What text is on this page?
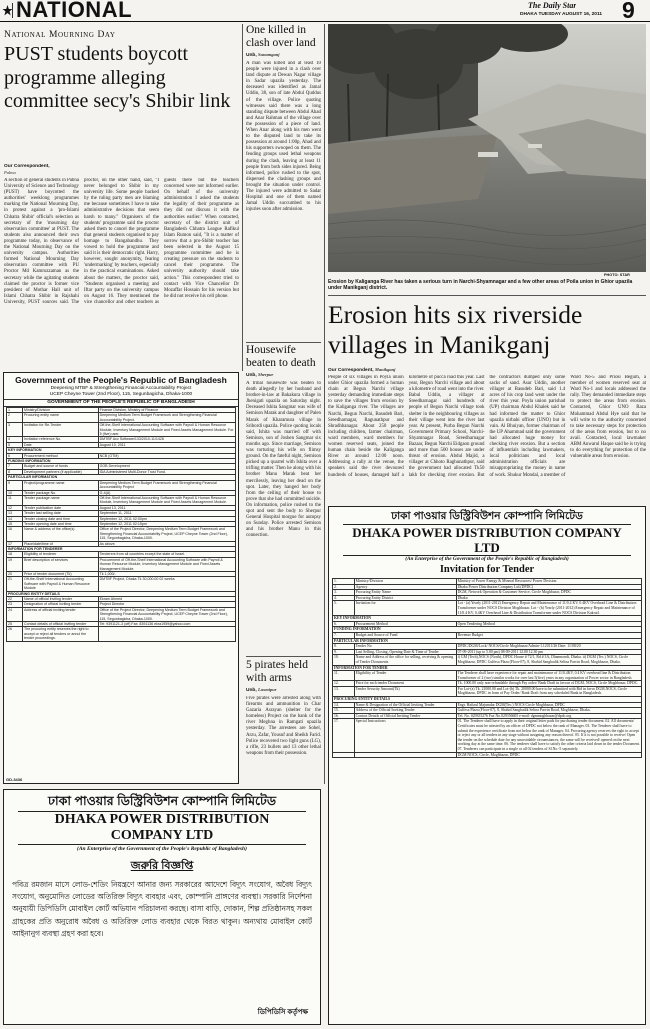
NATIONAL	The Daily Star
DHAKA TUESDAY AUGUST 16, 2011 9
National Mourning Day
PUST students boycott programme alleging committee secy's Shibir link
Our Correspondent,
Pabna
A section of general students in Pabna University of Science and Technology (PUST) have boycotted the authorities' weeklong programmes marking the National Mourning Day, in protest against a 'pro-Islami Chhatra Shibir' official's selection as secretary of the 'mourning day observation committee' at PUST. The students also announced their own programme today, in observance of the National Mourning Day on the university campus. Authorities formed National Mourning Day observation committee with PU Proctor Md Kamruzzaman as the secretary while the agitating students claimed the proctor is former vice president of Mothar Hall unit of Islami Chhatra Shibir in Rajshahi University, PUST sources said. The proctor, on the other hand, said, "I never belonged to Shibir in my university life. Some people backed by the ruling party men are blaming me because sometimes I have to take administrative decisions that seem harsh to many." Organisers of the students' programme said the proctor asked them to cancel the programme that general students organised to pay homage to Bangabandhu. They vowed to hold the programme and said it is their democratic right. Harry, however, sought anonymity, fearing 'undermarking' by teachers, especially in the practical examinations. Asked about the matters, the proctor said, "Students organised a meeting and Iftar party on the university campus on August 16. They mentioned the vice chancellor and other teachers as guests there but the teachers concerned were not informed earlier. On behalf of the university administration I asked the students the legality of their programme as they did not discuss it with the authorities earlier." When contacted, secretary of the district unit of Bangladesh Chhatra League Rafikul Islam Rumon said, "It is a matter of sorrow that a pro-Shibir teacher has been selected in the August 15 programme committee and he is creating pressure on the students to cancel their programme. The university authority should take action." This correspondent tried to contact with Vice Chancellor Dr Mozaffar Hossain for his version but he did not receive his cell phone.
One killed in clash over land
Unb, Sunamganj
A man was killed and at least 10 people were injured in a clash over land dispute at Dewan Nagar village in Sadar upazila yesterday. The deceased was identified as Jamal Uddin, 38, son of late Abdul Quddus of the village. Police quoting witnesses said there was a long standing dispute between Abdul Ahad and Anar Rahman of the village over the possession of a piece of land. When Anar along with his men went to the disputed land to take its possession at around 1:00p, Ahad and his supporters swooped on them. The feuding groups used lethal weapons during the clash, leaving at least 11 people from both sides injured. Being informed, police rushed to the spot, dispersed the clashing groups and brought the situation under control. The injured were admitted to Sadar Hospital and one of them named Jamal Uddin succumbed to his injuries soon after admission.
Housewife beaten to death
Unb, Sherpur
A tribal housewife was beaten to death allegedly by her husband and brother-in-law at Bakakura village in Jhenigati upazila on Saturday night. Deceased Ishita Sangmar was wife of Semison Marak and daughter of Palen Marak of Kharamura village in Sribordi upazila. Police quoting locals said, Ishita was married off with Semison, son of Joshen Sangmar six months ago. Since marriage, Semison was torturing his wife on flimsy ground. On the fateful night, Semison picked up a quarrel with Ishita over a trifling matter. Then he along with his brother Manu Marak beat her mercilessly, leaving her dead on the spot. Later, they hanged her body from the ceiling of their house to prove that she had committed suicide. On information, police rushed to the spot and sent the body to Sherpur General Hospital morgue for autopsy on Sunday. Police arrested Semison and his brother Manu in this connection.
5 pirates held with arms
Unb, Laxmipur
Five pirates were arrested along with firearms and ammunition in Char Gazaria Asrayan (shelter for the homeless) Project on the bank of the river Meghna in Ramgati upazila yesterday. The arrestees are Sohel, Arzu, Zafar, Yousuf and Sheikh Farid. Police recovered two light guns (LG), a rifle, 23 bullets and 13 other lethal weapons from their possession.
PHOTO: STAR
Erosion by Kaliganga River has taken a serious turn in Narchi-Shyamnagar and a few other areas of Poila union in Ghior upazila under Manikganj district.
Erosion hits six riverside villages in Manikganj
Our Correspondent, Manikganj
People of six villages in Poyla union under Ghior upazila formed a human chain at Begun Narchi village yesterday demanding immediate steps to save the villages from erosion by the Kaliganga river. The villages are Narchi, Begun Narchi, Basudeb Bari, Sreedharnagar, Ragunathpur and Shradhhanagar. About 250 people including children, farmer chairman, ward members, ward members for women reserved seats, joined the human chain beside the Kaliganga River at around 12:00 noon. Addressing a rally at the venue, the speakers said the river devoured hundreds of houses, damaged half a kilometre of pucca road this year. Last year, Begun Narchi village and about a kilometre of road went into the river. Babul Uddin, a villager at Sreedharnagar said hundreds of people of Begun Narchi village took shelter in the neighbouring villages as their village went into the river last year. At present, Purba Begun Narchi Government Primary School, Narchi-Shyamnagar Road, Sreedharnagar Bazaar, Begun Narchi Eidgaon ground and more than 500 houses are under threat of erosion. Abdul Majid, a villager at Chhoto Raghunathpur, said the government had allocated Tk50 lakh for checking river erosion. But the contractors dumped only some sacks of sand. Asar Uddin, another villager at Basudeb Bari, said 1.4 acres of his crop land went under the river this year. Poyla union parishad (UP) chairman Abdul Khalek said he had informed the matter to Ghior upazila nirbahi officer (UNO) but in vain. Al Bhuiyan, former chairman of the UP Ahammad said the government had allocated huge money for checking river erosion. But a section of influentials including lawmakers, local politicians and local administration officials are misappropriating the money in name of work. Shukur Mondal, a member of Ward No-5 and Priosi Begum, a member of women reserved seat at Ward No-1 and locals addressed the rally. They demanded immediate steps to protect the areas from erosion. Contacted, Ghior UNO Raza Mohammad Abdul Hye said that he will write to the authority concerned to take necessary steps for protection of the areas from erosion, but to no avail. Contacted, local lawmaker ABM Anwarul Haque said he is trying to do everything for protection of the vulnerable areas from erosion.
Government of the People's Republic of Bangladesh
Deepening MTBF & Strengthening Financial Accountability Project
UCEP Cheyne Tower (2nd Floor), 115, Segunbagicha, Dhaka-1000
GOVERNMENT OF THE PEOPLE'S REPUBLIC OF BANGLADESH
1	Ministry/Division	Finance Division, Ministry of Finance
2	Procuring entity name	Deepening Medium Term Budget Framework and Strengthening Financial Accountability Project.
3	Invitation for Re-Tender	Off-the-Shelf International Accounting Software with Payroll & Human Resource Module, Inventory Management Module and Fixed Assets Management Module. For 5 (five) user.
4	Invitation reference No.	DMTBF Acc Software/133/2010-11/1428
5	Date	August 10, 2011
KEY INFORMATION		
6	Procurement method	NCB (OTM)
FUNDING INFORMATION		
7	Budget and source of funds	GOB Development
8	Development partners (if applicable)	IDA Administered Multi-Donor Trust Fund.
PARTICULAR INFORMATION		
9	Project/programme name	Deepening Medium Term Budget Framework and Strengthening Financial Accountability Project
10	Tender package No.	G-4(A)
11	Tender package name	Off-the-Shelf International Accounting Software with Payroll & Human Resource Module, Inventory Management Module and Fixed Assets Management Module.
12	Tender publication date	August 13, 2011
13	Tender last selling date	September 11, 2011
14	Tender closing date and time	September 12, 2011 02:00pm
15	Tender opening date and time	September 12, 2011 02:15pm
16	Name & address of the office(s)	Office of the Project Director, Deepening Medium Term Budget Framework and Strengthening Financial Accountability Project, UCEP Cheyne Tower (2nd Floor), 115, Segunbagicha, Dhaka-1000.
17	Place/date/time of	As above.
INFORMATION FOR TENDERER		
18	Eligibility of tenderer	Tenderers from all countries except the state of Israel.
19	Brief description of services	Procurement of Off-the-Shelf International Accounting Software with Payroll & Human Resource Module, Inventory Management Module and Fixed Assets Management Module.
20	Price of tender document (Tk)	Tk 1,000/-
21	Off-the-Shelf International Accounting Software with Payroll & Human Resource Module	DMTBF Project, Dhaka Tk 30,000.00 02 weeks
PROCURING ENTITY DETAILS		
22	Name of official inviting tender	Ekram Ahmed
23	Designation of official inviting tender	Project Director
24	Address of official inviting tender	Office of the Project Director, Deepening Medium Term Budget Framework and Strengthening Financial Accountability Project, UCEP Cheyne Tower (2nd Floor), 115, Segunbagicha, Dhaka-1000.
25	Contact details of official inviting tender	Tel: 9391121-3 (off) Fax: 8391136 ekra1959@yahoo.com
26	The procuring entity reserves the right to accept or reject all tenders or annul the tender proceedings.	
GD-3436
ঢাকা পাওয়ার ডিস্ট্রিবিউশন কোম্পানি লিমিটেড
DHAKA POWER DISTRIBUTION COMPANY LTD
(An Enterprise of the Government of the People's Republic of Bangladesh)
জরুরি বিজ্ঞপ্তি
পবিত্র রমজান মাসে লোড-শেডিং নিয়ন্ত্রণে আনার জন্য সরকারের আদেশে বিদ্যুৎ সংযোগ, অবৈধ বিদ্যুৎ সংযোগ, অনুমোদিত লোডের অতিরিক্ত বিদ্যুৎ ব্যবহার এবং, কোম্পানি প্রাঙ্গণের ব্যবস্থা। সরকারি নির্দেশনা অনুযায়ী ডিপিডিসি মোবাইল কোর্ট অভিযান পরিচালনা করছে। বাসা বাড়ি, দোকান, শিল্প প্রতিষ্ঠানসহ সকল গ্রাহকের প্রতি অনুরোধ অবৈধ ও অতিরিক্ত লোড ব্যবহার থেকে বিরত থাকুন। অন্যথায় মোবাইল কোর্ট আইনানুগ ব্যবস্থা গ্রহণ করা হবে।
ডিপিডিসি কর্তৃপক্ষ
ঢাকা পাওয়ার ডিস্ট্রিবিউশন কোম্পানি লিমিটেড
DHAKA POWER DISTRIBUTION COMPANY LTD
(An Enterprise of the Government of the People's Republic of Bangladesh)
Invitation for Tender
1.	Ministry/Division	Ministry of Power Energy & Mineral Resources/ Power Division
2.	Agency	Dhaka Power Distribution Company Ltd.(DPDC)
3.	Procuring Entity Name	DGM, Network Operation & Customer Service, Circle Moghbazar, DPDC
4.	Procuring Entity District	Dhaka
5.	Invitation for	Lot - (a) Yearly (2011-2012) Emergency Repair and Maintenance of 11/0.4 KV, 0.4KV Overhead Line & Distribution Transformer under NOCS Division Moghbazar. Lot - (b) Yearly (2011-2012) Emergency Repair and Maintenance of 11/0.4 KV, 0.4KV Overhead Line & Distribution Transformer under NOCS Division Kakrail.
KEY INFORMATION		
6.	Procurement Method	Open Tendering Method
FUNDING INFORMATION		
7.	Budget and Source of Fund	Revenue Budget
PARTICULAR INFORMATION		
8.	Tender No	DPDC/DGM/Lock/ NOCS/Circle Moghbazar/Admin-1.12011/26 Date: 11/08/20
9.	Last Selling, Closing, Opening Date & Time of Tender	07-09-2011 (up to 5.00 pm) 08-09-2011 12.00 12.30 pm
10.	Name and Address of the office for selling, receiving & opening of Tender Documents	i) GM (Tech),NOCS (North), DPDC House # 72/1, Rd # 3A, Dhanmondi, Dhaka. ii) DGM (Tec.) NOCS, Circle Moghbazar, DPDC Gulfesa Plaza (Floor-07), 8, Shahid Sangbadik Selina Parvin Road, Moghbazar, Dhaka.
INFORMATION FOR TENDER		
11.	Eligibility of Tender	The Tenderer shall have experience for repair and maintenance of 11/0.4KV, 0.4 KV overhead line & Distribution Transformer of 2 (two) similar works for over last 5(five) years in any organization of Power sector in Bangladesh.
12.	Price for each tender Document	Tk. 1000.00 only non-refundable through Pay order/ Bank Draft in favour of DGM, NOCS, Circle Moghbazar, DPDC.
13.	Tender Security Amount(Tk)	For Lot-(a) Tk. 21000.00 and Lot-(b) Tk. 20000.00 have to be submitted with Bid in favor DGM,NOCS, Circle Moghbazar, DPDC in form of Pay Order/ Bank Draft from any scheduled Bank in Bangladesh.
PROCURING ENTITY DETAILS		
14.	Name & Designation of the Official Inviting Tender	Engr. Hafizul Majumdar DGM(Tec.) NOCS Circle Moghbazar, DPDC
15.	Address of the Official Inviting Tender	Gulfesa Plaza (Floor-07), 8, Shahid Sangbadik Selina Parvin Road, Moghbazar, Dhaka.
16.	Contact Details of Official Inviting Tender	Tel. No. 029355276 Fax No.029356605 e-mail: dgmmoghbazar@dpdc.org
17.	Special Instructions	01. The Tenderer shall have to apply in their original letter pads for purchasing tender document. 02. All documents/ Certificates must be attested by an officer of DPDC not below the rank of Manager. 03. The Tenderer shall have to submit the experience certificate from not below the rank of Manager. 04. Procuring agency reserves the right to accept or reject any or all tenders in any stage without assigning any reason thereof. 05. If it is not possible to receive/ Open the tender on the schedule date for any unavoidable circumstances, the same will be received/ opened on the next working day at the same time. 06. The tenderer shall have to satisfy the other criteria laid down in the tender Document. 07. Tenderers can participate in a single or all 02 tenders of Sl.No.-5 separately.
		DGM NOCS, Circle, Moghbazar, DPDC
